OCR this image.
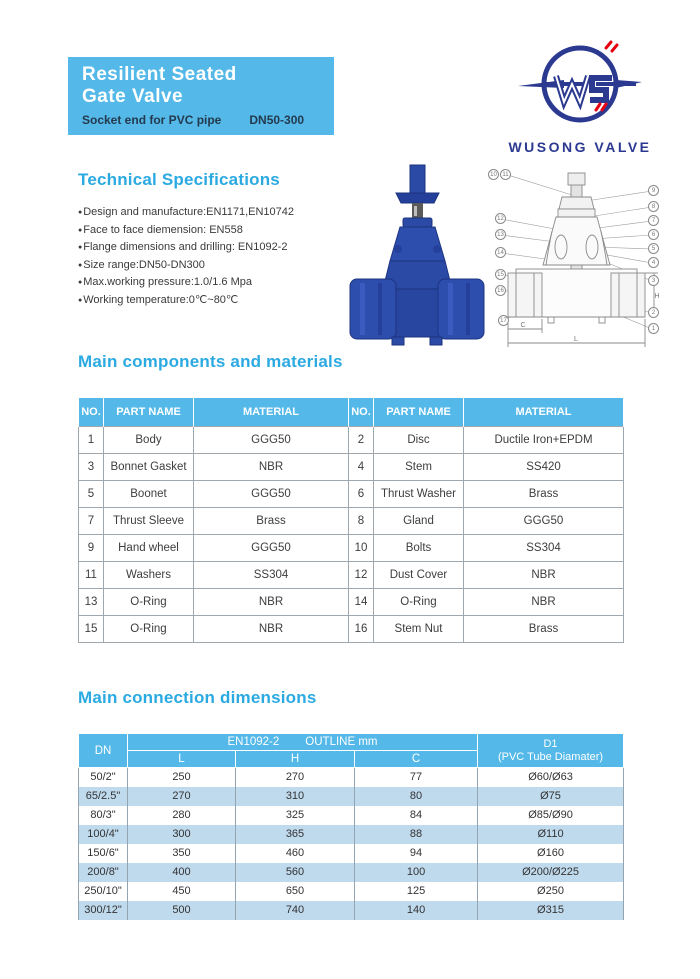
Resilient Seated
Gate Valve
Socket end for PVC pipe DN50-300
WUSONG VALVE
Technical Specifications
● Design and manufacture:EN1171,EN10742
● Face to face diemension: EN558
● Flange dimensions and drilling: EN1092-2
● Size range:DN50-DN300
● Max.working pressure:1.0/1.6 Mpa
● Working temperature:0℃~80℃
C
L
H
10 11
12
13
14
15
16
17
9
8
7
6
5
4
3
2
1
Main components and materials
NO.	PART NAME	MATERIAL	NO.	PART NAME	MATERIAL
1	Body	GGG50	2	Disc	Ductile Iron+EPDM
3	Bonnet Gasket	NBR	4	Stem	SS420
5	Boonet	GGG50	6	Thrust Washer	Brass
7	Thrust Sleeve	Brass	8	Gland	GGG50
9	Hand wheel	GGG50	10	Bolts	SS304
11	Washers	SS304	12	Dust Cover	NBR
13	O-Ring	NBR	14	O-Ring	NBR
15	O-Ring	NBR	16	Stem Nut	Brass
Main connection dimensions
DN	
EN1092-2 OUTLINE mm	D1
(PVC Tube Diamater)

	L	H	C	
50/2"	250	270	77	Ø60/Ø63
65/2.5"	270	310	80	Ø75
80/3"	280	325	84	Ø85/Ø90
100/4"	300	365	88	Ø110
150/6"	350	460	94	Ø160
200/8"	400	560	100	Ø200/Ø225
250/10"	450	650	125	Ø250
300/12"	500	740	140	Ø315
